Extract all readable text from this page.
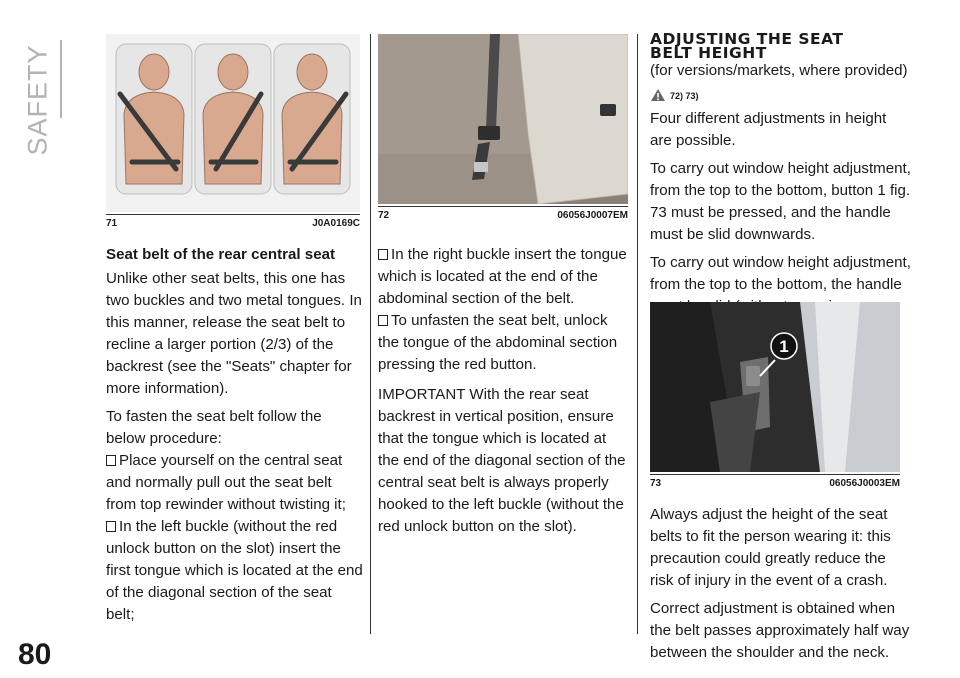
SAFETY
80
71	J0A0169C
72	06056J0007EM

Seat belt of the rear central seat

Unlike other seat belts, this one has two buckles and two metal tongues. In this manner, release the seat belt to recline a larger portion (2/3) of the backrest (see the "Seats" chapter for more information).

To fasten the seat belt follow the below procedure:

Place yourself on the central seat and normally pull out the seat belt from top rewinder without twisting it;
In the left buckle (without the red unlock button on the slot) insert the first tongue which is located at the end of the diagonal section of the seat belt;
In the right buckle insert the tongue which is located at the end of the abdominal section of the belt.
To unfasten the seat belt, unlock the tongue of the abdominal section pressing the red button.

IMPORTANT With the rear seat backrest in vertical position, ensure that the tongue which is located at the end of the diagonal section of the central seat belt is always properly hooked to the left buckle (without the red unlock button on the slot).

ADJUSTING THE SEAT
BELT HEIGHT
(for versions/markets, where provided)
72) 73)

Four different adjustments in height are possible.

To carry out window height adjustment, from the top to the bottom, button 1 fig. 73 must be pressed, and the handle must be slid downwards.

To carry out window height adjustment, from the top to the bottom, the handle

1
73	06056J0003EM

Always adjust the height of the seat belts to fit the person wearing it: this precaution could greatly reduce the risk of injury in the event of a crash.

Correct adjustment is obtained when the belt passes approximately half way between the shoulder and the neck.
